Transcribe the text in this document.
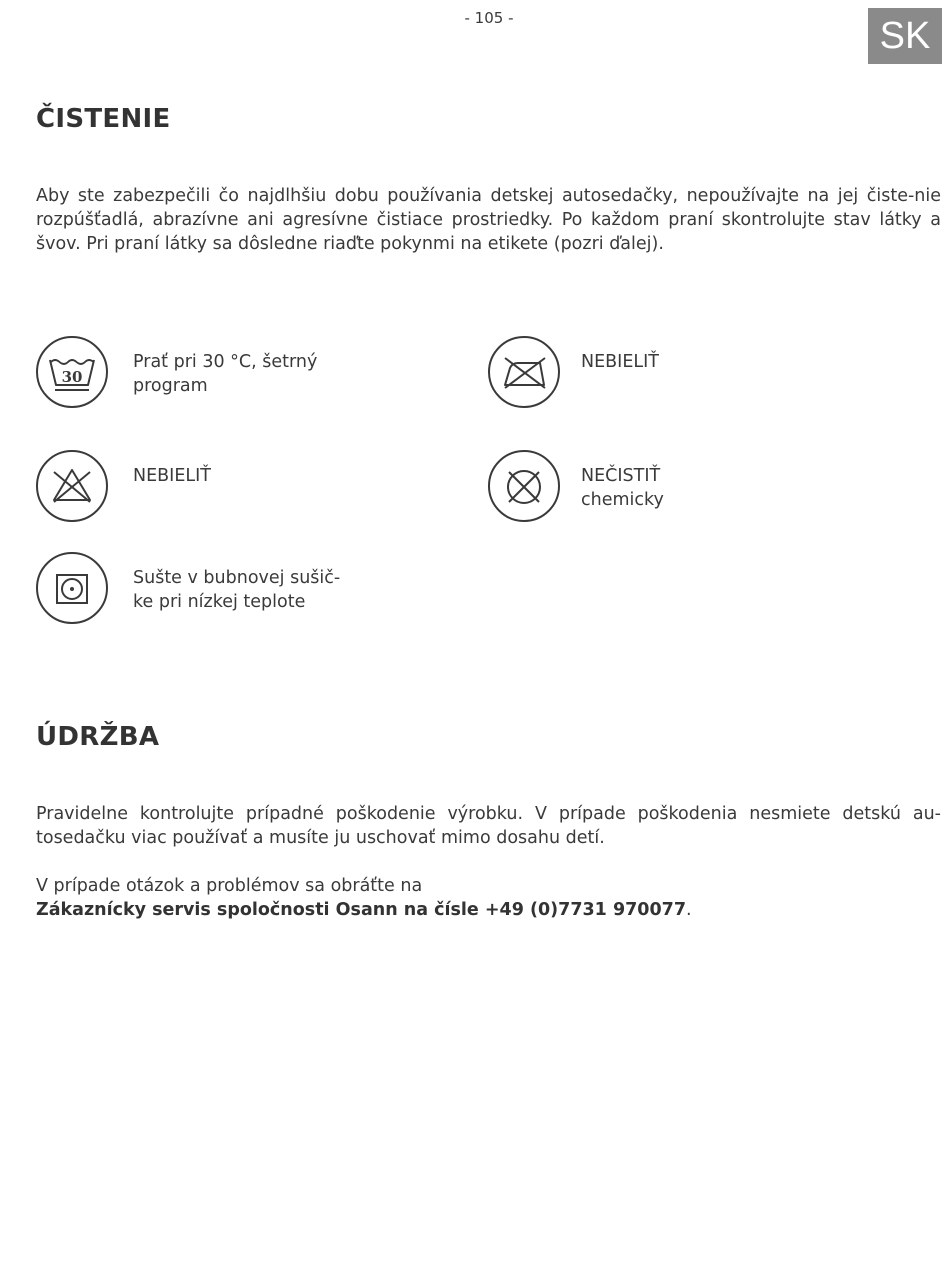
- 105 -	SK
ČISTENIE

Aby ste zabezpečili čo najdlhšiu dobu používania detskej autosedačky, nepoužívajte na jej čiste-nie rozpúšťadlá, abrazívne ani agresívne čistiace prostriedky. Po každom praní skontrolujte stav látky a švov. Pri praní látky sa dôsledne riaďte pokynmi na etikete (pozri ďalej).

30
Prať pri 30 °C, šetrný
program
NEBIELIŤ
NEBIELIŤ	NEČISTIŤ
chemicky
Sušte v bubnovej sušič-
ke pri nízkej teplote
ÚDRŽBA

Pravidelne kontrolujte prípadné poškodenie výrobku. V prípade poškodenia nesmiete detskú au-tosedačku viac používať a musíte ju uschovať mimo dosahu detí.

V prípade otázok a problémov sa obráťte na
Zákaznícky servis spoločnosti Osann na čísle +49 (0)7731 970077.
